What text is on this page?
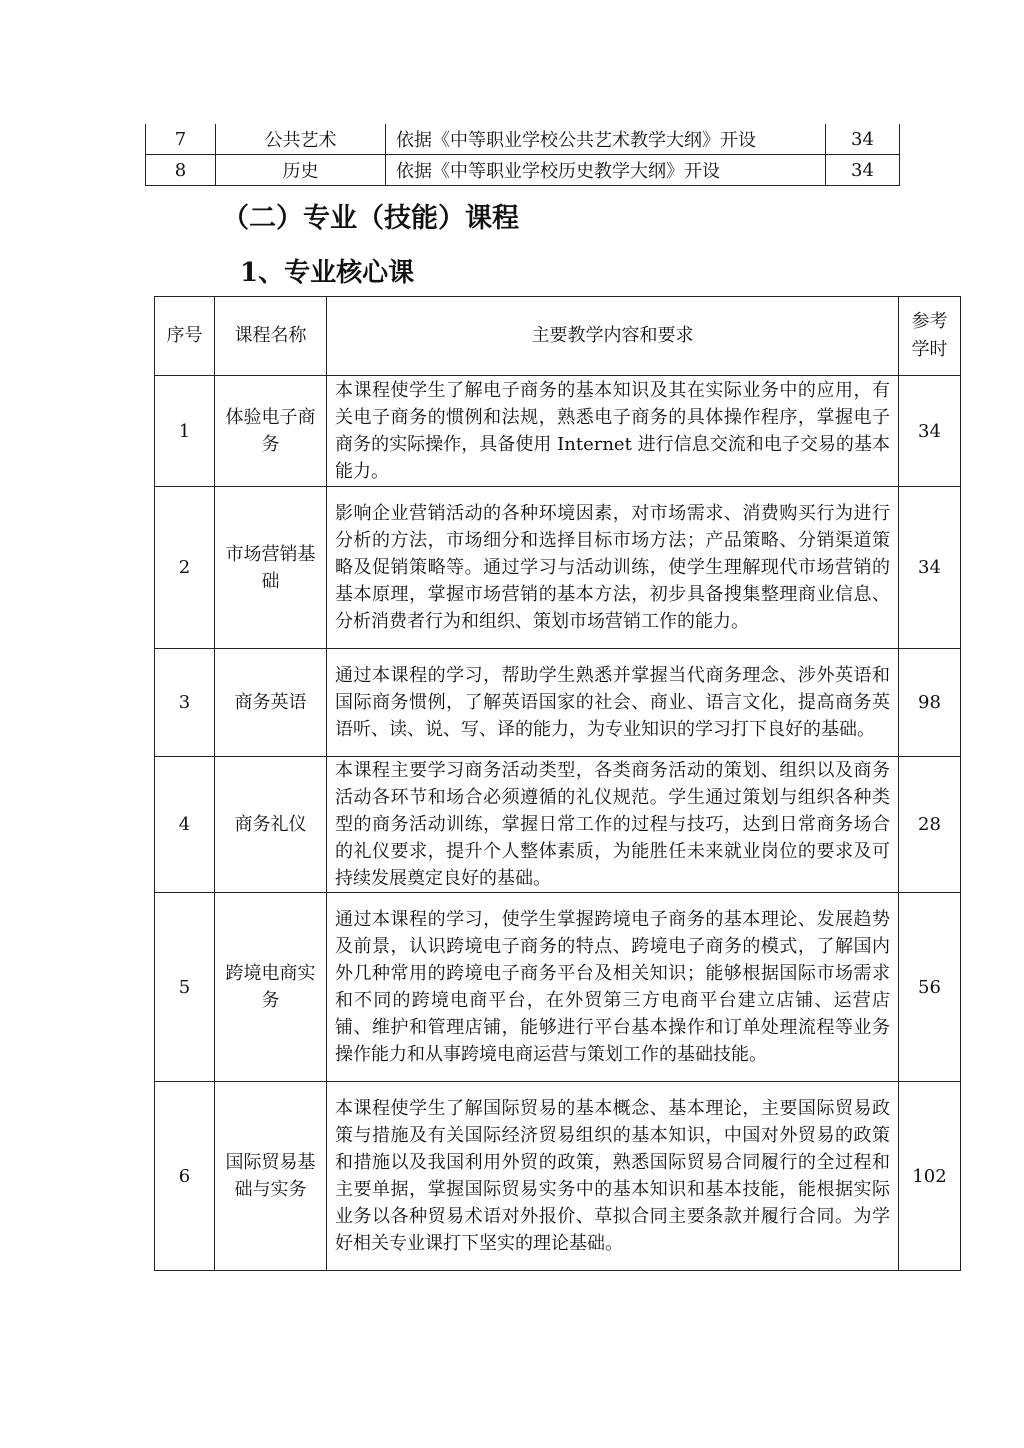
7	公共艺术	依据《中等职业学校公共艺术教学大纲》开设	34
8	历史	依据《中等职业学校历史教学大纲》开设	34
（二）专业（技能）课程
1、专业核心课
序号	课程名称	主要教学内容和要求	参考
学时
1	体验电子商务	本课程使学生了解电子商务的基本知识及其在实际业务中的应用，有关电子商务的惯例和法规，熟悉电子商务的具体操作程序，掌握电子商务的实际操作，具备使用 Internet 进行信息交流和电子交易的基本能力。	34
2	市场营销基础	影响企业营销活动的各种环境因素，对市场需求、消费购买行为进行分析的方法，市场细分和选择目标市场方法；产品策略、分销渠道策略及促销策略等。通过学习与活动训练，使学生理解现代市场营销的基本原理，掌握市场营销的基本方法，初步具备搜集整理商业信息、分析消费者行为和组织、策划市场营销工作的能力。	34
3	商务英语	通过本课程的学习，帮助学生熟悉并掌握当代商务理念、涉外英语和国际商务惯例，了解英语国家的社会、商业、语言文化，提高商务英语听、读、说、写、译的能力，为专业知识的学习打下良好的基础。	98
4	商务礼仪	本课程主要学习商务活动类型，各类商务活动的策划、组织以及商务活动各环节和场合必须遵循的礼仪规范。学生通过策划与组织各种类型的商务活动训练，掌握日常工作的过程与技巧，达到日常商务场合的礼仪要求，提升个人整体素质，为能胜任未来就业岗位的要求及可持续发展奠定良好的基础。	28
5	跨境电商实务	通过本课程的学习，使学生掌握跨境电子商务的基本理论、发展趋势及前景，认识跨境电子商务的特点、跨境电子商务的模式，了解国内外几种常用的跨境电子商务平台及相关知识；能够根据国际市场需求和不同的跨境电商平台，在外贸第三方电商平台建立店铺、运营店铺、维护和管理店铺，能够进行平台基本操作和订单处理流程等业务操作能力和从事跨境电商运营与策划工作的基础技能。	56
6	国际贸易基础与实务	本课程使学生了解国际贸易的基本概念、基本理论，主要国际贸易政策与措施及有关国际经济贸易组织的基本知识，中国对外贸易的政策和措施以及我国利用外贸的政策，熟悉国际贸易合同履行的全过程和主要单据，掌握国际贸易实务中的基本知识和基本技能，能根据实际业务以各种贸易术语对外报价、草拟合同主要条款并履行合同。为学好相关专业课打下坚实的理论基础。	102
